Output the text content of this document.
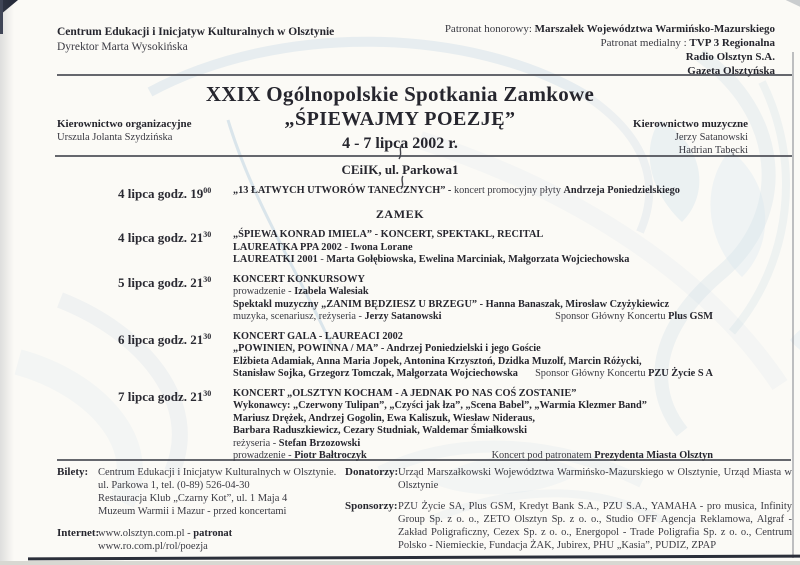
Centrum Edukacji i Inicjatyw Kulturalnych w Olsztynie
Dyrektor Marta Wysokińska
Patronat honorowy: Marszałek Województwa Warmińsko-Mazurskiego
Patronat medialny : TVP 3 Regionalna
Radio Olsztyn S.A.
Gazeta Olsztyńska
XXIX Ogólnopolskie Spotkania Zamkowe
„ŚPIEWAJMY POEZJĘ”
4 - 7 lipca 2002 r.
Kierownictwo organizacyjne
Urszula Jolanta Szydzińska
Kierownictwo muzyczne
Jerzy Satanowski
Hadrian Tabęcki
CEiIK, ul. Parkowa1
4 lipca godz. $19^{00}$	„13 ŁATWYCH UTWORÓW TANECZNYCH” - koncert promocyjny płyty Andrzeja Poniedzielskiego
ZAMEK
4 lipca godz. $21^{30}$	„ŚPIEWA KONRAD IMIELA” - KONCERT, SPEKTAKL, RECITAL
LAUREATKA PPA 2002 - Iwona Lorane
LAUREATKI 2001 - Marta Gołębiowska, Ewelina Marciniak, Małgorzata Wojciechowska
5 lipca godz. $21^{30}$	KONCERT KONKURSOWY
prowadzenie - Izabela Walesiak
Spektakl muzyczny „ZANIM BĘDZIESZ U BRZEGU” - Hanna Banaszak, Mirosław Czyżykiewicz
muzyka, scenariusz, reżyseria - Jerzy Satanowski	Sponsor Główny Koncertu Plus GSM
6 lipca godz. $21^{30}$	KONCERT GALA - LAUREACI 2002
„POWINIEN, POWINNA / MA” - Andrzej Poniedzielski i jego Goście
Elżbieta Adamiak, Anna Maria Jopek, Antonina Krzysztoń, Dzidka Muzolf, Marcin Różycki,
Stanisław Sojka, Grzegorz Tomczak, Małgorzata Wojciechowska Sponsor Główny Koncertu PZU Życie S A
7 lipca godz. $21^{30}$	KONCERT „OLSZTYN KOCHAM - A JEDNAK PO NAS COŚ ZOSTANIE”
Wykonawcy: „Czerwony Tulipan”, „Czyści jak łza”, „Scena Babel”, „Warmia Klezmer Band”
Mariusz Drężek, Andrzej Gogolin, Ewa Kaliszuk, Wiesław Nideraus,
Barbara Raduszkiewicz, Cezary Studniak, Waldemar Śmiałkowski
reżyseria - Stefan Brzozowski
prowadzenie - Piotr Bałtroczyk	Koncert pod patronatem Prezydenta Miasta Olsztyn
Bilety: Centrum Edukacji i Inicjatyw Kulturalnych w Olsztynie.
ul. Parkowa 1, tel. (0-89) 526-04-30
Restauracja Klub „Czarny Kot”, ul. 1 Maja 4
Muzeum Warmii i Mazur - przed koncertami
Internet:
www.olsztyn.com.pl - patronat
www.ro.com.pl/rol/poezja
Donatorzy: Urząd Marszałkowski Województwa Warmińsko-Mazurskiego w Olsztynie, Urząd Miasta w Olsztynie
Sponsorzy: PZU Życie SA, Plus GSM, Kredyt Bank S.A., PZU S.A., YAMAHA - pro musica, Infinity Group Sp. z o. o., ZETO Olsztyn Sp. z o. o., Studio OFF Agencja Reklamowa, Algraf - Zakład Poligraficzny, Cezex Sp. z o. o., Energopol - Trade Poligrafia Sp. z o. o., Centrum Polsko - Niemieckie, Fundacja ŻAK, Jubirex, PHU „Kasia”, PUDIZ, ZPAP
